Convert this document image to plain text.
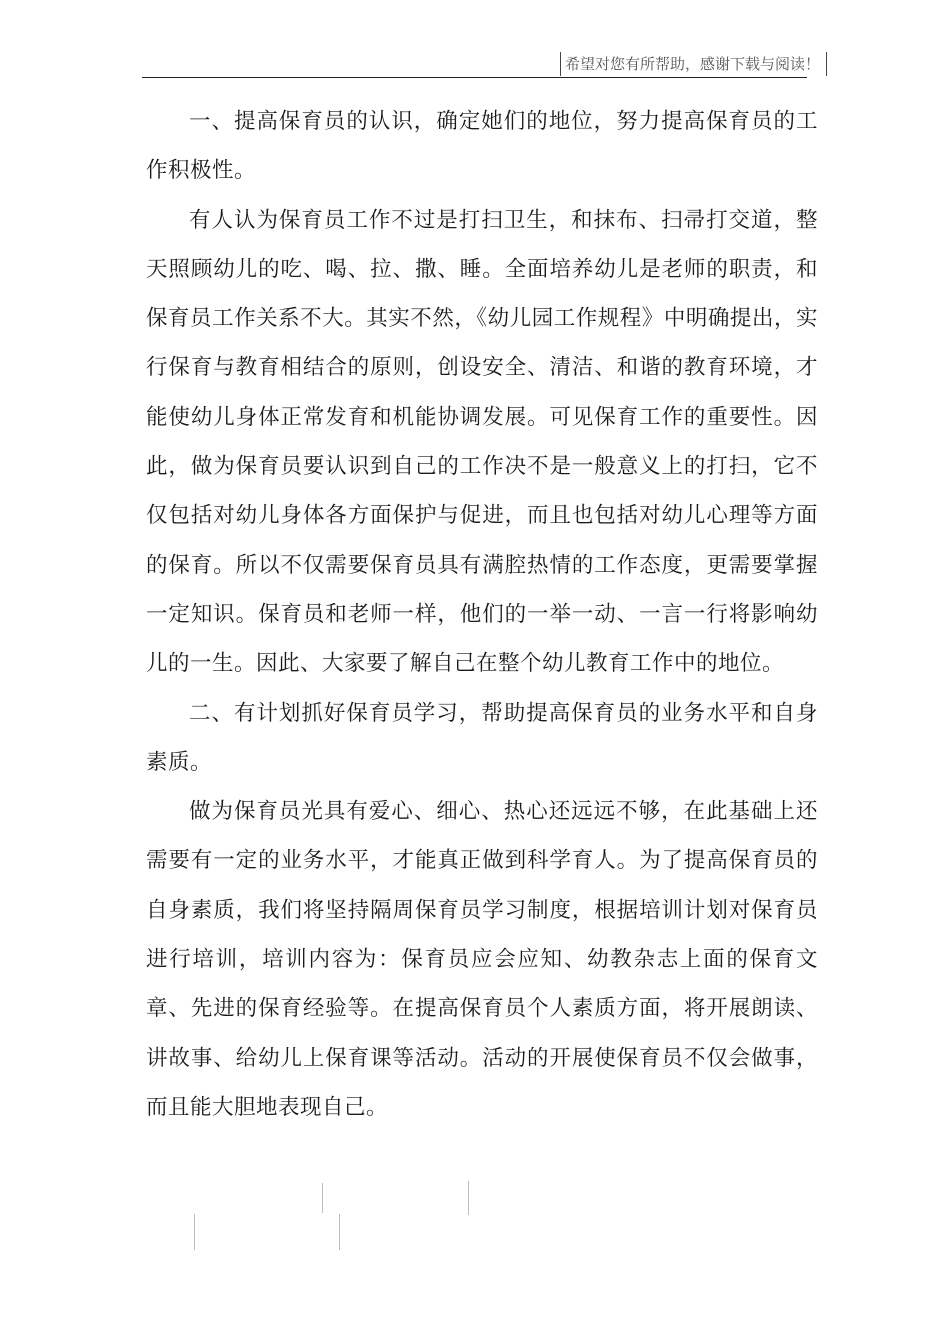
希望对您有所帮助，感谢下载与阅读！

一、提高保育员的认识，确定她们的地位，努力提高保育员的工作积极性。

有人认为保育员工作不过是打扫卫生，和抹布、扫帚打交道，整天照顾幼儿的吃、喝、拉、撒、睡。全面培养幼儿是老师的职责，和保育员工作关系不大。其实不然，《幼儿园工作规程》中明确提出，实行保育与教育相结合的原则，创设安全、清洁、和谐的教育环境，才能使幼儿身体正常发育和机能协调发展。可见保育工作的重要性。因此，做为保育员要认识到自己的工作决不是一般意义上的打扫，它不仅包括对幼儿身体各方面保护与促进，而且也包括对幼儿心理等方面的保育。所以不仅需要保育员具有满腔热情的工作态度，更需要掌握一定知识。保育员和老师一样，他们的一举一动、一言一行将影响幼儿的一生。因此、大家要了解自己在整个幼儿教育工作中的地位。

二、有计划抓好保育员学习，帮助提高保育员的业务水平和自身素质。

做为保育员光具有爱心、细心、热心还远远不够，在此基础上还需要有一定的业务水平，才能真正做到科学育人。为了提高保育员的自身素质，我们将坚持隔周保育员学习制度，根据培训计划对保育员进行培训，培训内容为：保育员应会应知、幼教杂志上面的保育文章、先进的保育经验等。在提高保育员个人素质方面，将开展朗读、讲故事、给幼儿上保育课等活动。活动的开展使保育员不仅会做事，而且能大胆地表现自己。
